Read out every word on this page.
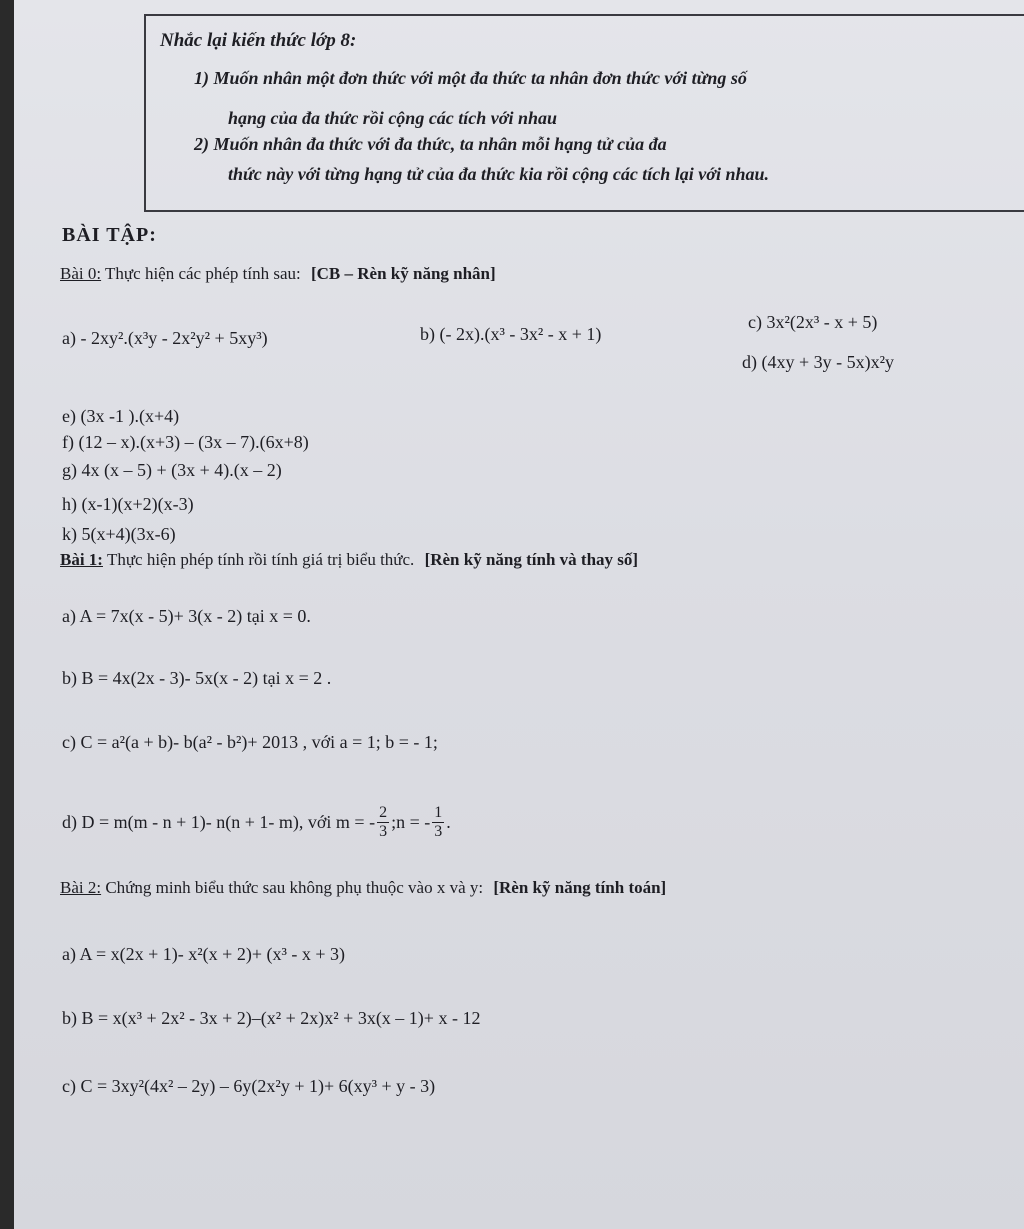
Nhắc lại kiến thức lớp 8:
1) Muốn nhân một đơn thức với một đa thức ta nhân đơn thức với từng số
hạng của đa thức rồi cộng các tích với nhau
2) Muốn nhân đa thức với đa thức, ta nhân mỗi hạng tử của đa
thức này với từng hạng tử của đa thức kia rồi cộng các tích lại với nhau.
BÀI TẬP:
Bài 0: Thực hiện các phép tính sau: [CB – Rèn kỹ năng nhân]
a) - 2xy².(x³y - 2x²y² + 5xy³)	b) (- 2x).(x³ - 3x² - x + 1)
c) 3x²(2x³ - x + 5)
d) (4xy + 3y - 5x)x²y
e) (3x -1 ).(x+4)
f) (12 – x).(x+3) – (3x – 7).(6x+8)
g) 4x (x – 5) + (3x + 4).(x – 2)
h) (x-1)(x+2)(x-3)
k) 5(x+4)(3x-6)
Bài 1: Thực hiện phép tính rồi tính giá trị biểu thức. [Rèn kỹ năng tính và thay số]
a) A = 7x(x - 5)+ 3(x - 2) tại x = 0.
b) B = 4x(2x - 3)- 5x(x - 2) tại x = 2 .
c) C = a²(a + b)- b(a² - b²)+ 2013 , với a = 1; b = - 1;
d) D = m(m - n + 1)- n(n + 1- m), với m = - $\frac{2}{3}$ ;n = - $\frac{1}{3}$ .
Bài 2: Chứng minh biểu thức sau không phụ thuộc vào x và y: [Rèn kỹ năng tính toán]
a) A = x(2x + 1)- x²(x + 2)+ (x³ - x + 3)
b) B = x(x³ + 2x² - 3x + 2)–(x² + 2x)x² + 3x(x – 1)+ x - 12
c) C = 3xy²(4x² – 2y) – 6y(2x²y + 1)+ 6(xy³ + y - 3)
